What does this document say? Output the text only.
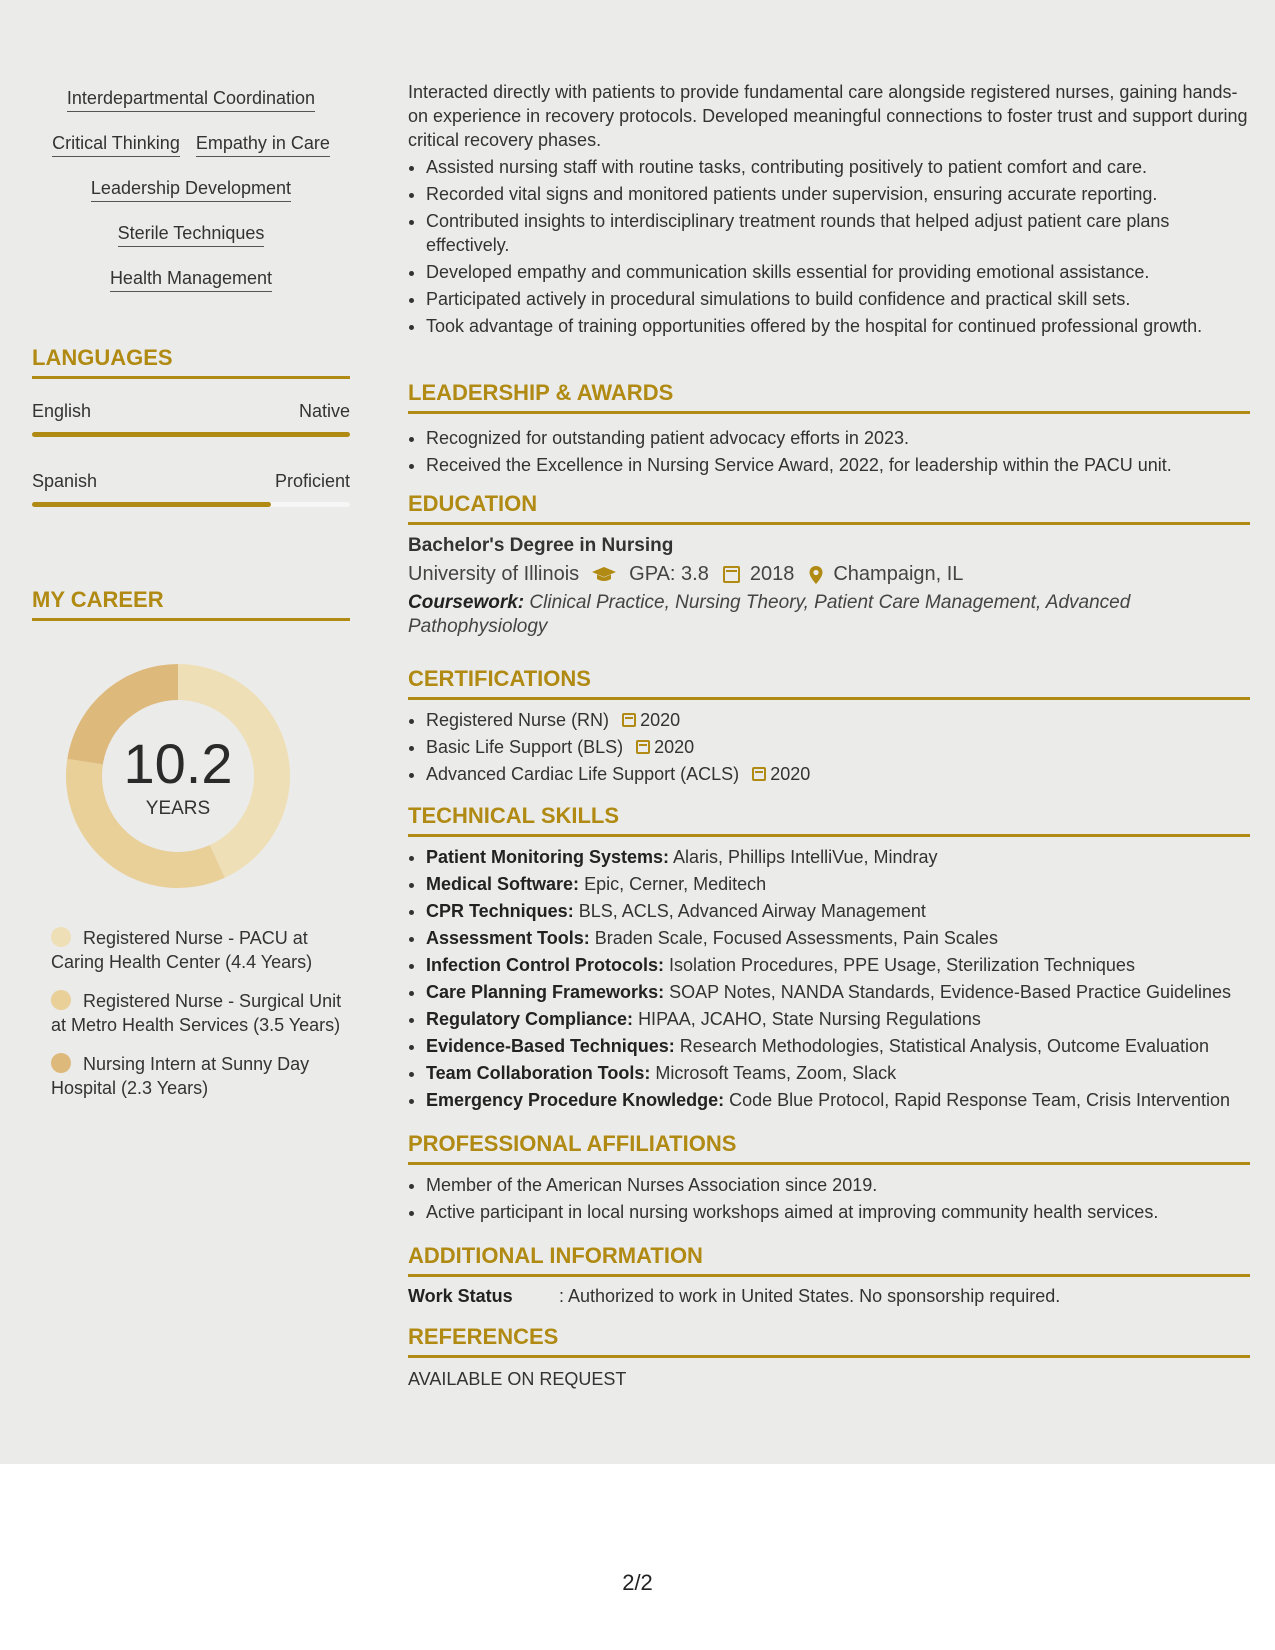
Interdepartmental Coordination
Critical Thinking Empathy in Care
Leadership Development
Sterile Techniques
Health Management
LANGUAGES
English	Native
Spanish	Proficient
MY CAREER
10.2
YEARS
Registered Nurse - PACU at Caring Health Center (4.4 Years)
Registered Nurse - Surgical Unit at Metro Health Services (3.5 Years)
Nursing Intern at Sunny Day Hospital (2.3 Years)

Interacted directly with patients to provide fundamental care alongside registered nurses, gaining hands-on experience in recovery protocols. Developed meaningful connections to foster trust and support during critical recovery phases.

• Assisted nursing staff with routine tasks, contributing positively to patient comfort and care.
• Recorded vital signs and monitored patients under supervision, ensuring accurate reporting.
• Contributed insights to interdisciplinary treatment rounds that helped adjust patient care plans effectively.
• Developed empathy and communication skills essential for providing emotional assistance.
• Participated actively in procedural simulations to build confidence and practical skill sets.
• Took advantage of training opportunities offered by the hospital for continued professional growth.
LEADERSHIP & AWARDS
• Recognized for outstanding patient advocacy efforts in 2023.
• Received the Excellence in Nursing Service Award, 2022, for leadership within the PACU unit.
EDUCATION
Bachelor's Degree in Nursing
University of Illinois	GPA: 3.8 2018 Champaign, IL
Coursework: Clinical Practice, Nursing Theory, Patient Care Management, Advanced Pathophysiology
CERTIFICATIONS
• Registered Nurse (RN) 2020
• Basic Life Support (BLS) 2020
• Advanced Cardiac Life Support (ACLS) 2020
TECHNICAL SKILLS
• Patient Monitoring Systems: Alaris, Phillips IntelliVue, Mindray
• Medical Software: Epic, Cerner, Meditech
• CPR Techniques: BLS, ACLS, Advanced Airway Management
• Assessment Tools: Braden Scale, Focused Assessments, Pain Scales
• Infection Control Protocols: Isolation Procedures, PPE Usage, Sterilization Techniques
• Care Planning Frameworks: SOAP Notes, NANDA Standards, Evidence-Based Practice Guidelines
• Regulatory Compliance: HIPAA, JCAHO, State Nursing Regulations
• Evidence-Based Techniques: Research Methodologies, Statistical Analysis, Outcome Evaluation
• Team Collaboration Tools: Microsoft Teams, Zoom, Slack
• Emergency Procedure Knowledge: Code Blue Protocol, Rapid Response Team, Crisis Intervention
PROFESSIONAL AFFILIATIONS
• Member of the American Nurses Association since 2019.
• Active participant in local nursing workshops aimed at improving community health services.
ADDITIONAL INFORMATION
Work Status	: Authorized to work in United States. No sponsorship required.
REFERENCES
AVAILABLE ON REQUEST
2/2
